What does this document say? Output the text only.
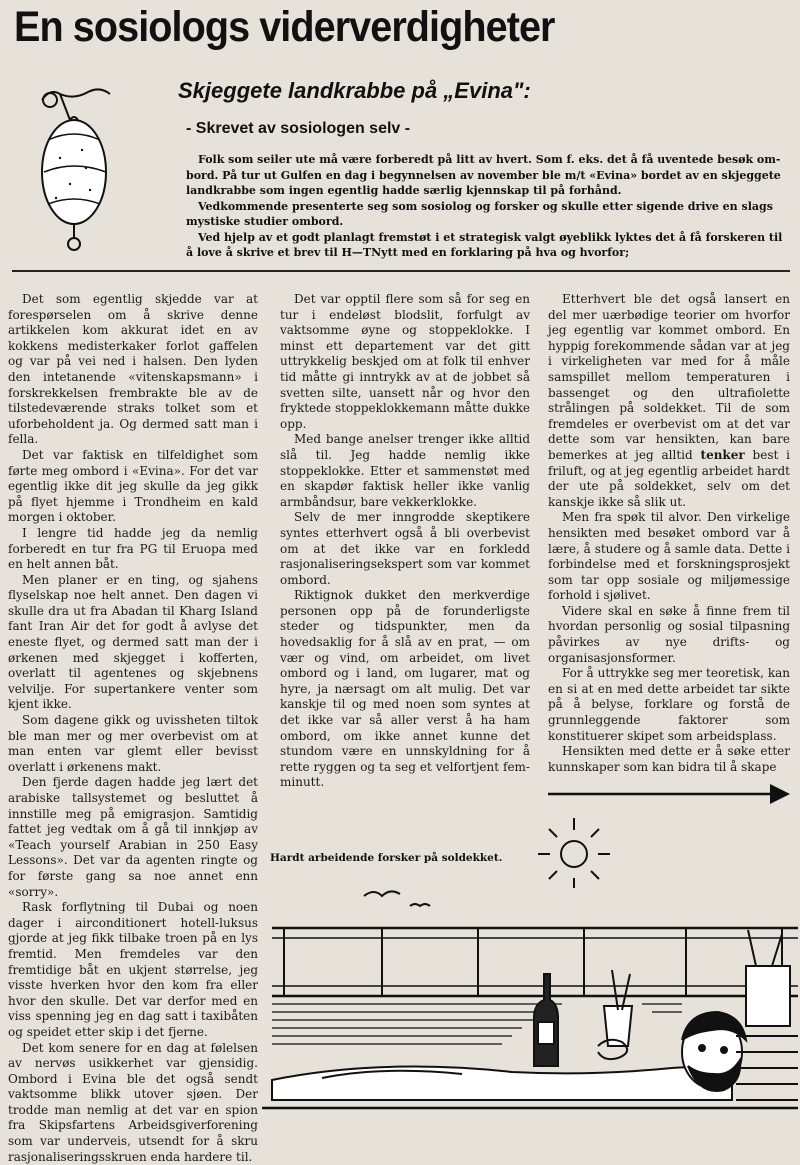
En sosiologs viderverdigheter
Skjeggete landkrabbe på „Evina":
- Skrevet av sosiologen selv -

Folk som seiler ute må være forberedt på litt av hvert. Som f. eks. det å få uventede besøk om-bord. På tur ut Gulfen en dag i begynnelsen av november ble m/t «Evina» bordet av en skjeggete landkrabbe som ingen egentlig hadde særlig kjennskap til på forhånd.

Vedkommende presenterte seg som sosiolog og forsker og skulle etter sigende drive en slags mystiske studier ombord.

Ved hjelp av et godt planlagt fremstøt i et strategisk valgt øyeblikk lyktes det å få forskeren til å love å skrive et brev til H—TNytt med en forklaring på hva og hvorfor;

Det som egentlig skjedde var at forespørselen om å skrive denne artikkelen kom akkurat idet en av kokkens medisterkaker forlot gaffelen og var på vei ned i halsen. Den lyden den intetanende «vitenskapsmann» i forskrekkelsen frembrakte ble av de tilstedeværende straks tolket som et uforbeholdent ja. Og dermed satt man i fella.

Det var faktisk en tilfeldighet som førte meg ombord i «Evina». For det var egentlig ikke dit jeg skulle da jeg gikk på flyet hjemme i Trondheim en kald morgen i oktober.

I lengre tid hadde jeg da nemlig forberedt en tur fra PG til Eruopa med en helt annen båt.

Men planer er en ting, og sjahens flyselskap noe helt annet. Den dagen vi skulle dra ut fra Abadan til Kharg Island fant Iran Air det for godt å avlyse det eneste flyet, og dermed satt man der i ørkenen med skjegget i kofferten, overlatt til agentenes og skjebnens velvilje. For supertankere venter som kjent ikke.

Som dagene gikk og uvissheten tiltok ble man mer og mer overbevist om at man enten var glemt eller bevisst overlatt i ørkenens makt.

Den fjerde dagen hadde jeg lært det arabiske tallsystemet og besluttet å innstille meg på emigrasjon. Samtidig fattet jeg vedtak om å gå til innkjøp av «Teach yourself Arabian in 250 Easy Lessons». Det var da agenten ringte og for første gang sa noe annet enn «sorry».

Rask forflytning til Dubai og noen dager i airconditionert hotell-luksus gjorde at jeg fikk tilbake troen på en lys fremtid. Men fremdeles var den fremtidige båt en ukjent størrelse, jeg visste hverken hvor den kom fra eller hvor den skulle. Det var derfor med en viss spenning jeg en dag satt i taxibåten og speidet etter skip i det fjerne.

Det kom senere for en dag at følelsen av nervøs usikkerhet var gjensidig. Ombord i Evina ble det også sendt vaktsomme blikk utover sjøen. Der trodde man nemlig at det var en spion fra Skipsfartens Arbeidsgiverforening som var underveis, utsendt for å skru rasjonaliseringsskruen enda hardere til.

Det var opptil flere som så for seg en tur i endeløst blodslit, forfulgt av vaktsomme øyne og stoppeklokke. I minst ett departement var det gitt uttrykkelig beskjed om at folk til enhver tid måtte gi inntrykk av at de jobbet så svetten silte, uansett når og hvor den fryktede stoppeklokkemann måtte dukke opp.

Med bange anelser trenger ikke alltid slå til. Jeg hadde nemlig ikke stoppeklokke. Etter et sammenstøt med en skapdør faktisk heller ikke vanlig armbåndsur, bare vekkerklokke.

Selv de mer inngrodde skeptikere syntes etterhvert også å bli overbevist om at det ikke var en forkledd rasjonaliseringsekspert som var kommet ombord.

Riktignok dukket den merkverdige personen opp på de forunderligste steder og tidspunkter, men da hovedsaklig for å slå av en prat, — om vær og vind, om arbeidet, om livet ombord og i land, om lugarer, mat og hyre, ja nærsagt om alt mulig. Det var kanskje til og med noen som syntes at det ikke var så aller verst å ha ham ombord, om ikke annet kunne det stundom være en unnskyldning for å rette ryggen og ta seg et velfortjent fem-minutt.

Etterhvert ble det også lansert en del mer uærbødige teorier om hvorfor jeg egentlig var kommet ombord. En hyppig forekommende sådan var at jeg i virkeligheten var med for å måle samspillet mellom temperaturen i bassenget og den ultrafiolette strålingen på soldekket. Til de som fremdeles er overbevist om at det var dette som var hensikten, kan bare bemerkes at jeg alltid tenker best i friluft, og at jeg egentlig arbeidet hardt der ute på soldekket, selv om det kanskje ikke så slik ut.

Men fra spøk til alvor. Den virkelige hensikten med besøket ombord var å lære, å studere og å samle data. Dette i forbindelse med et forskningsprosjekt som tar opp sosiale og miljømessige forhold i sjølivet.

Videre skal en søke å finne frem til hvordan personlig og sosial tilpasning påvirkes av nye drifts- og organisasjonsformer.

For å uttrykke seg mer teoretisk, kan en si at en med dette arbeidet tar sikte på å belyse, forklare og forstå de grunnleggende faktorer som konstituerer skipet som arbeidsplass.

Hensikten med dette er å søke etter kunnskaper som kan bidra til å skape

Hardt arbeidende forsker på soldekket.
